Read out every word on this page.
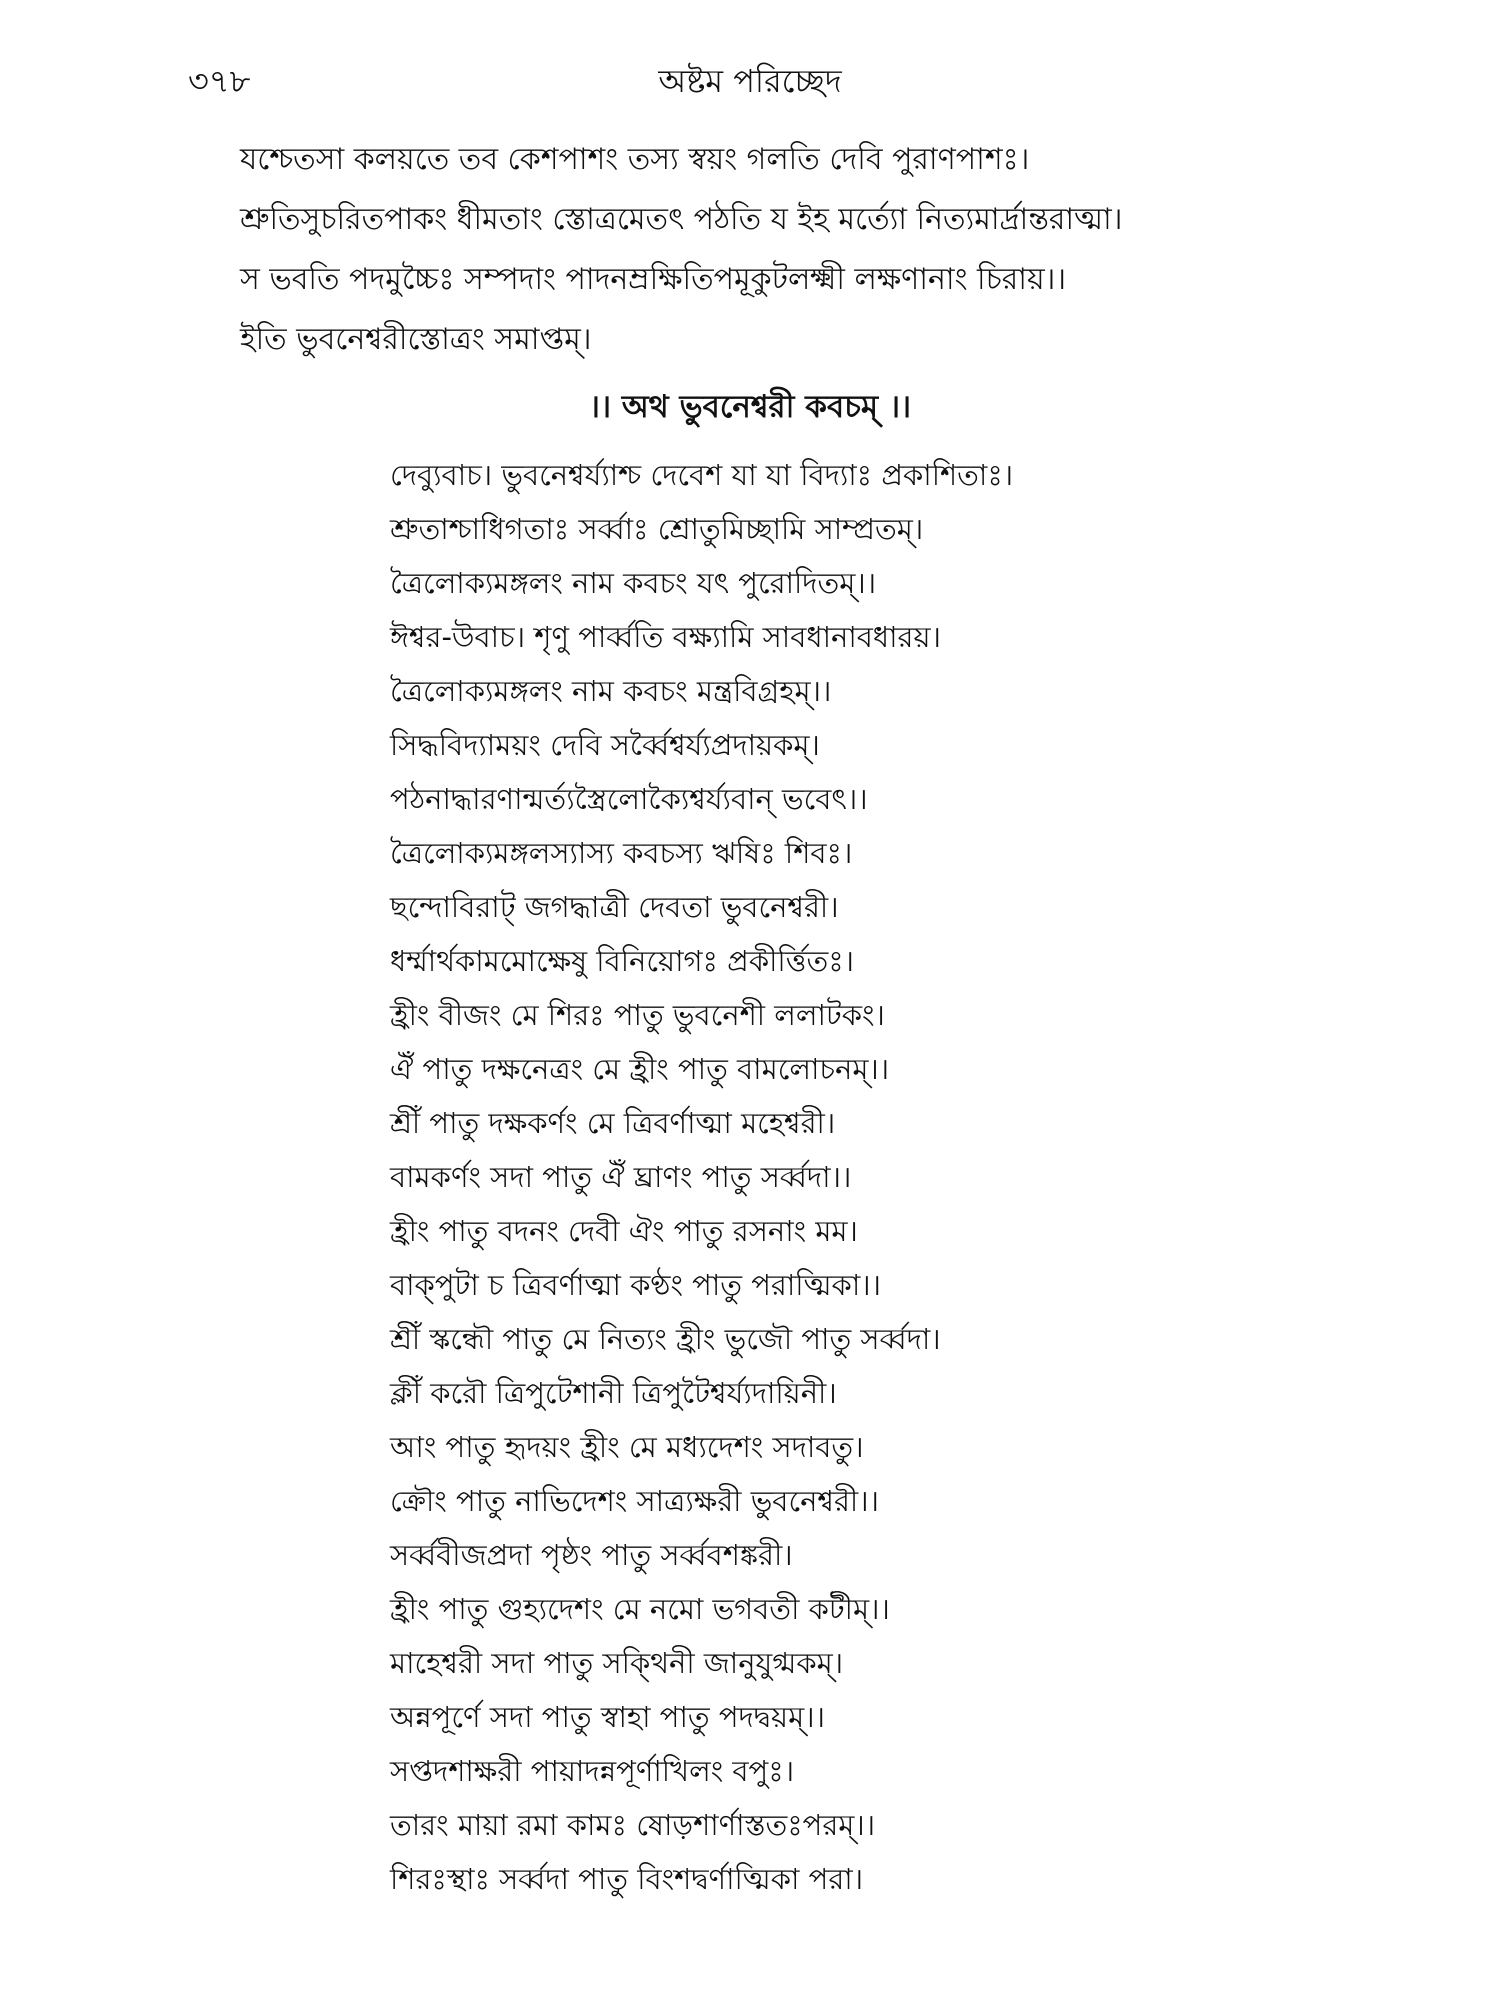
৩৭৮	অষ্টম পরিচ্ছেদ
যশ্চেতসা কলয়তে তব কেশপাশং তস্য স্বয়ং গলতি দেবি পুরাণপাশঃ।
শ্রুতিসুচরিতপাকং ধীমতাং স্তোত্রমেতৎ পঠতি য ইহ মর্ত্যো নিত্যমার্দ্রান্তরাত্মা।
স ভবতি পদমুচ্চৈঃ সম্পদাং পাদনম্রক্ষিতিপমূকুটলক্ষ্মী লক্ষণানাং চিরায়।।
ইতি ভুবনেশ্বরীস্তোত্রং সমাপ্তম্।
।। অথ ভুবনেশ্বরী কবচম্ ।।
দেব্যুবাচ। ভুবনেশ্বর্য্যাশ্চ দেবেশ যা যা বিদ্যাঃ প্রকাশিতাঃ।
শ্রুতাশ্চাধিগতাঃ সর্ব্বাঃ শ্রোতুমিচ্ছামি সাম্প্রতম্।
ত্রৈলোক্যমঙ্গলং নাম কবচং যৎ পুরোদিতম্।।
ঈশ্বর-উবাচ। শৃণু পার্ব্বতি বক্ষ্যামি সাবধানাবধারয়।
ত্রৈলোক্যমঙ্গলং নাম কবচং মন্ত্রবিগ্রহম্।।
সিদ্ধবিদ্যাময়ং দেবি সর্ব্বৈশ্বর্য্যপ্রদায়কম্।
পঠনাদ্ধারণান্মর্ত্যস্ত্রৈলোক্যৈশ্বর্য্যবান্ ভবেৎ।।
ত্রৈলোক্যমঙ্গলস্যাস্য কবচস্য ঋষিঃ শিবঃ।
ছন্দোবিরাট্ জগদ্ধাত্রী দেবতা ভুবনেশ্বরী।
ধর্ম্মার্থকামমোক্ষেষু বিনিয়োগঃ প্রকীর্ত্তিতঃ।
হ্রীং বীজং মে শিরঃ পাতু ভুবনেশী ললাটকং।
ঐঁ পাতু দক্ষনেত্রং মে হ্রীং পাতু বামলোচনম্।।
শ্রীঁ পাতু দক্ষকর্ণং মে ত্রিবর্ণাত্মা মহেশ্বরী।
বামকর্ণং সদা পাতু ঐঁ ঘ্রাণং পাতু সর্ব্বদা।।
হ্রীং পাতু বদনং দেবী ঐং পাতু রসনাং মম।
বাক্পুটা চ ত্রিবর্ণাত্মা কণ্ঠং পাতু পরাত্মিকা।।
শ্রীঁ স্কন্ধৌ পাতু মে নিত্যং হ্রীং ভুজৌ পাতু সর্ব্বদা।
ক্লীঁ করৌ ত্রিপুটেশানী ত্রিপুটৈশ্বর্য্যদায়িনী।
আং পাতু হৃদয়ং হ্রীং মে মধ্যদেশং সদাবতু।
ক্রৌং পাতু নাভিদেশং সাত্র্যক্ষরী ভুবনেশ্বরী।।
সর্ব্ববীজপ্রদা পৃষ্ঠং পাতু সর্ব্ববশঙ্করী।
হ্রীং পাতু গুহ্যদেশং মে নমো ভগবতী কটীম্।।
মাহেশ্বরী সদা পাতু সক্থিনী জানুযুগ্মকম্।
অন্নপূর্ণে সদা পাতু স্বাহা পাতু পদদ্বয়ম্।।
সপ্তদশাক্ষরী পায়াদন্নপূর্ণাখিলং বপুঃ।
তারং মায়া রমা কামঃ ষোড়শার্ণাস্ততঃপরম্।।
শিরঃস্থাঃ সর্ব্বদা পাতু বিংশদ্বর্ণাত্মিকা পরা।
